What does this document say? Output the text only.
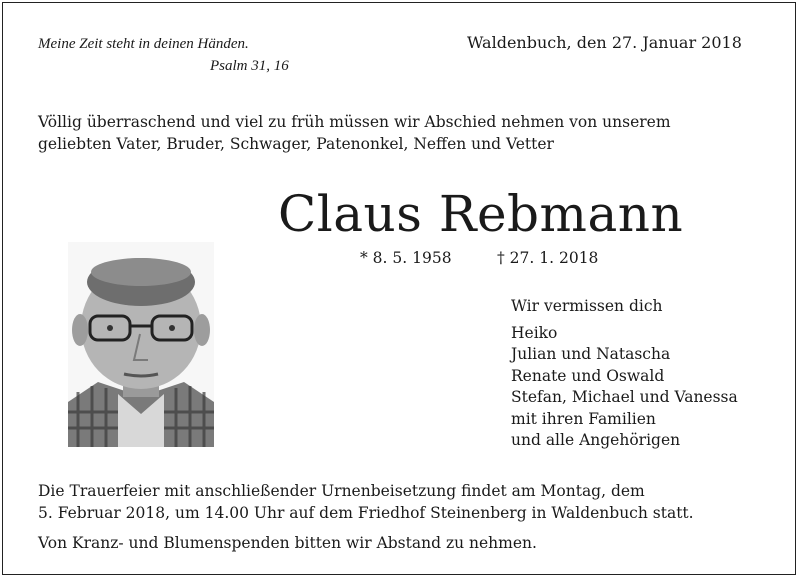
Meine Zeit steht in deinen Händen.
Psalm 31, 16
Waldenbuch, den 27. Januar 2018
Völlig überraschend und viel zu früh müssen wir Abschied nehmen von unserem
geliebten Vater, Bruder, Schwager, Patenonkel, Neffen und Vetter
Claus Rebmann
* 8. 5. 1958	† 27. 1. 2018
Wir vermissen dich
Heiko
Julian und Natascha
Renate und Oswald
Stefan, Michael und Vanessa
mit ihren Familien
und alle Angehörigen
Die Trauerfeier mit anschließender Urnenbeisetzung findet am Montag, dem
5. Februar 2018, um 14.00 Uhr auf dem Friedhof Steinenberg in Waldenbuch statt.
Von Kranz- und Blumenspenden bitten wir Abstand zu nehmen.
